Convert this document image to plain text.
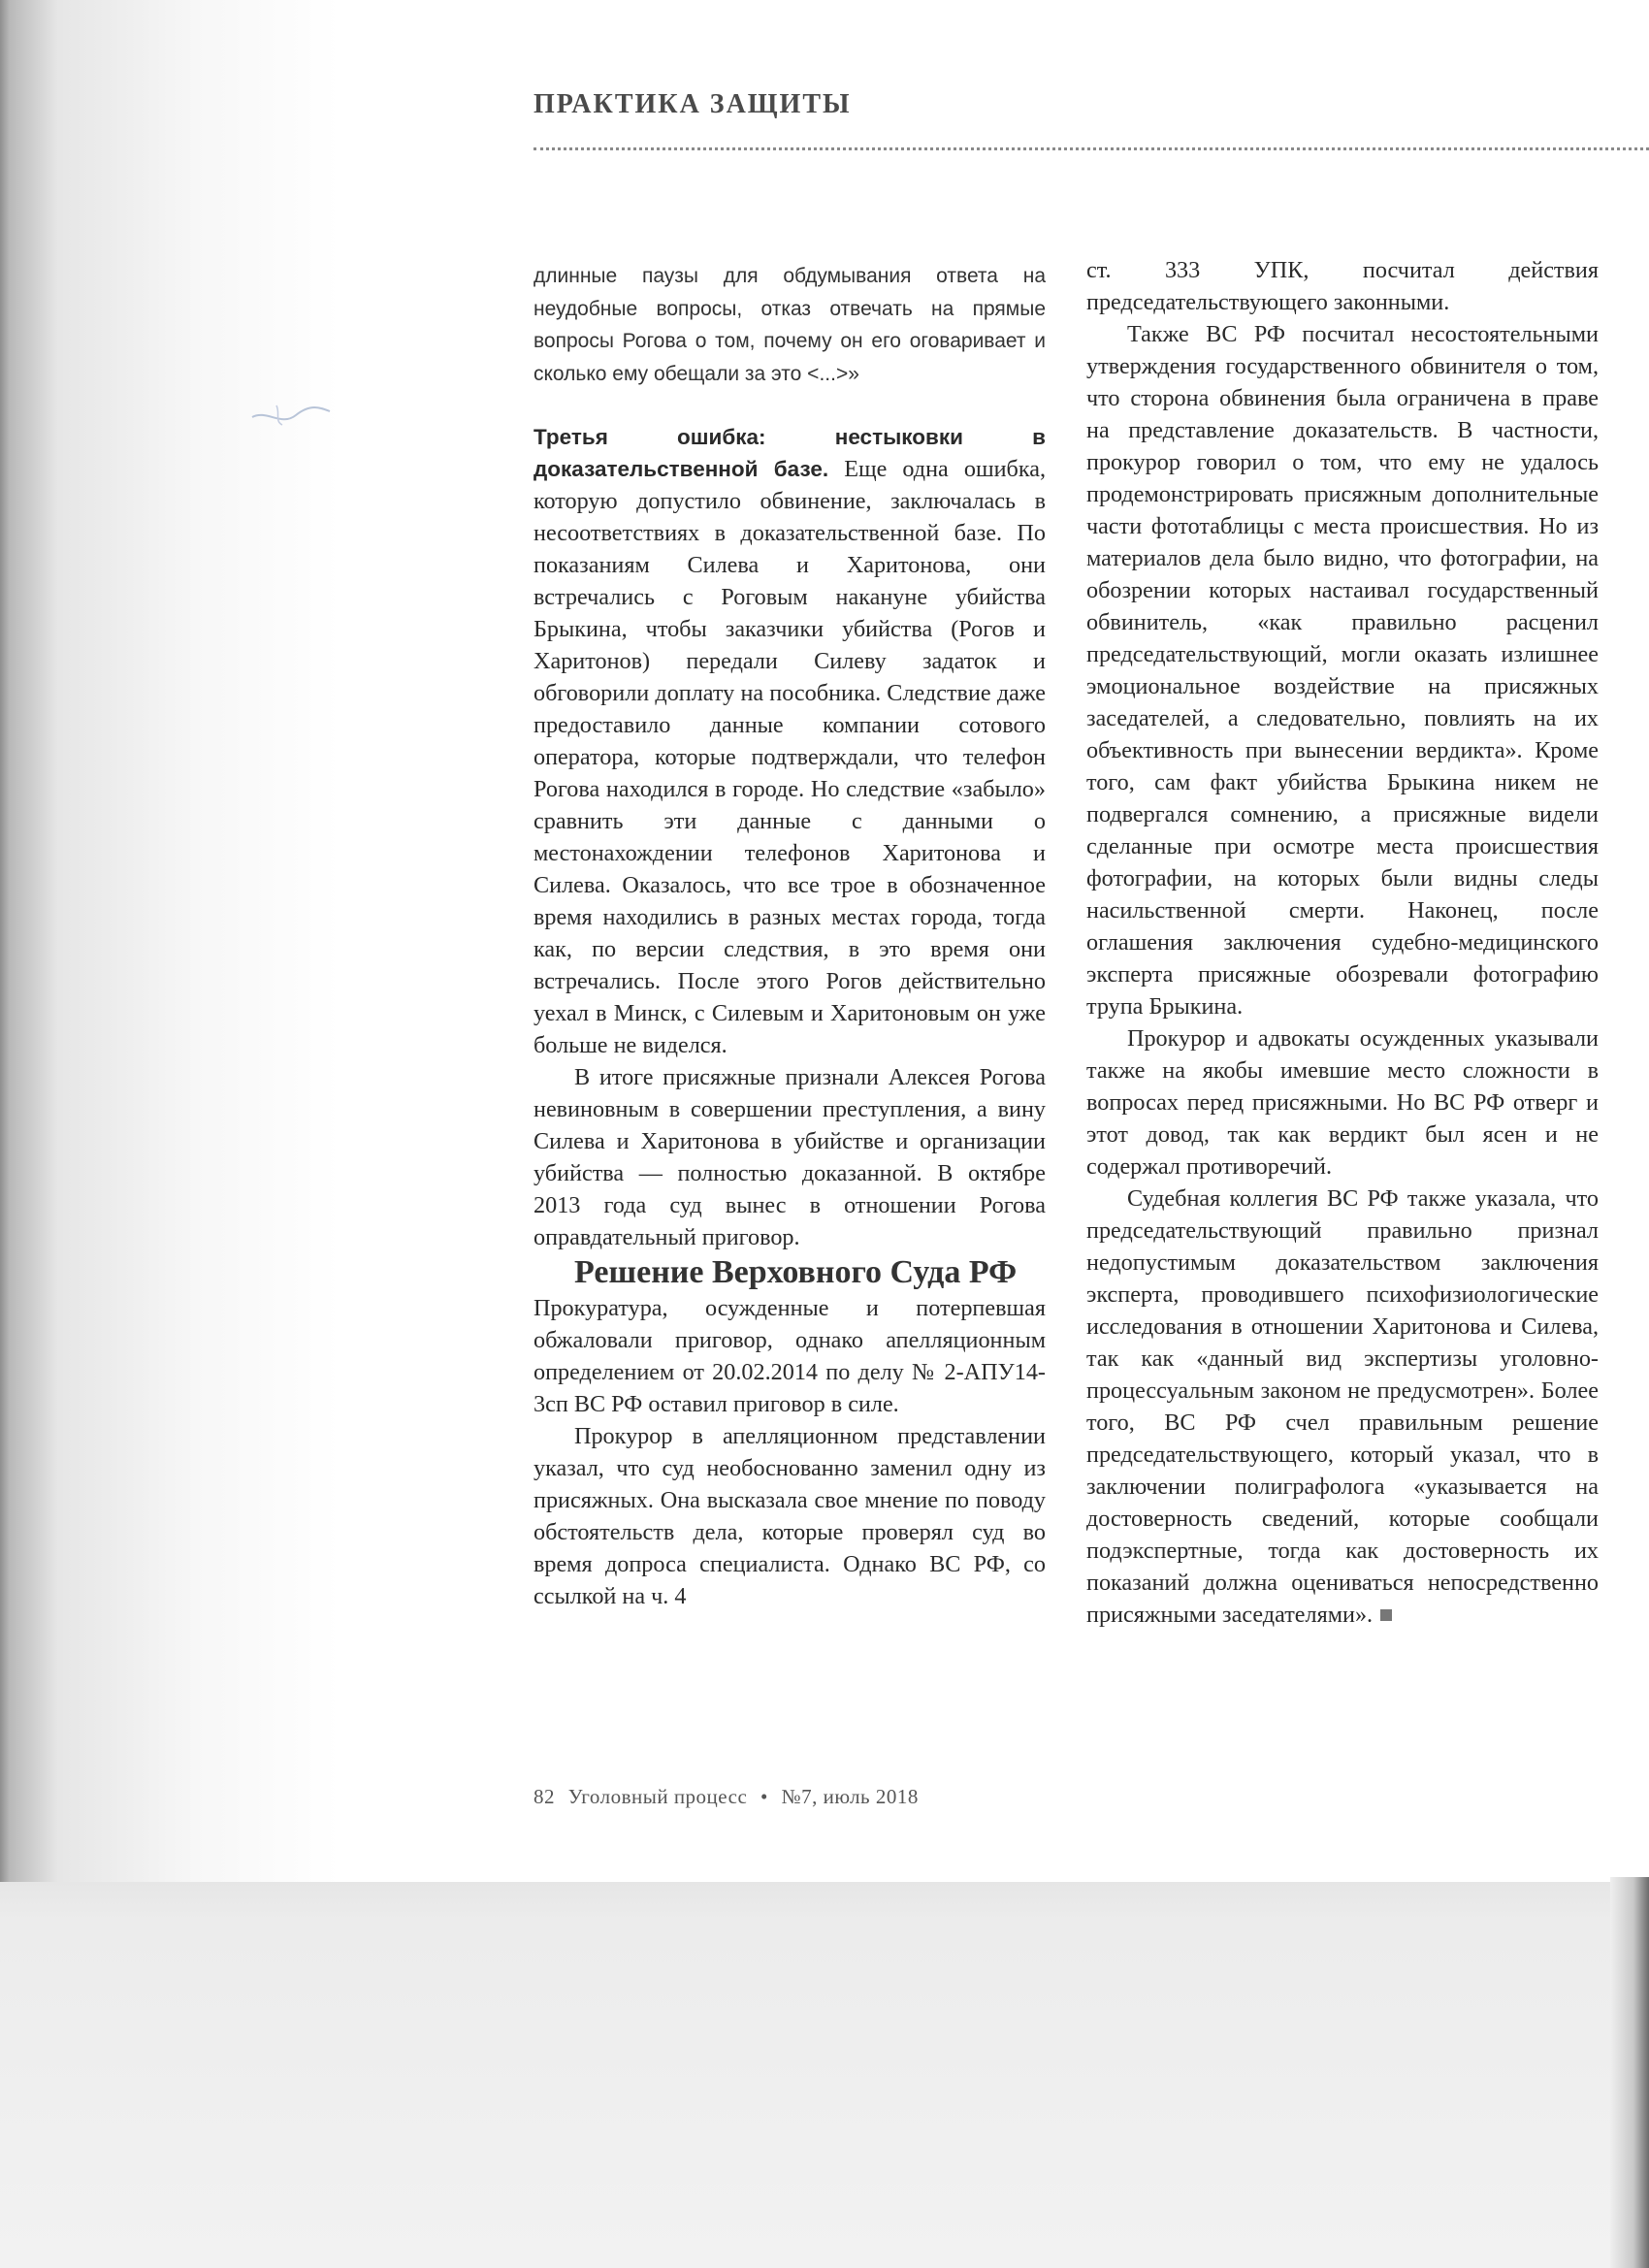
ПРАКТИКА ЗАЩИТЫ

длинные паузы для обдумывания ответа на неудобные вопросы, отказ отвечать на прямые вопросы Рогова о том, почему он его оговаривает и сколько ему обещали за это <...>»

Третья ошибка: нестыковки в доказательственной базе. Еще одна ошибка, которую допустило обвинение, заключалась в несоответствиях в доказательственной базе. По показаниям Силева и Харитонова, они встречались с Роговым накануне убийства Брыкина, чтобы заказчики убийства (Рогов и Харитонов) передали Силеву задаток и обговорили доплату на пособника. Следствие даже предоставило данные компании сотового оператора, которые подтверждали, что телефон Рогова находился в городе. Но следствие «забыло» сравнить эти данные с данными о местонахождении телефонов Харитонова и Силева. Оказалось, что все трое в обозначенное время находились в разных местах города, тогда как, по версии следствия, в это время они встречались. После этого Рогов действительно уехал в Минск, с Силевым и Харитоновым он уже больше не виделся.

В итоге присяжные признали Алексея Рогова невиновным в совершении преступления, а вину Силева и Харитонова в убийстве и организации убийства — полностью доказанной. В октябре 2013 года суд вынес в отношении Рогова оправдательный приговор.

Решение Верховного Суда РФ

Прокуратура, осужденные и потерпевшая обжаловали приговор, однако апелляционным определением от 20.02.2014 по делу № 2-АПУ14-3сп ВС РФ оставил приговор в силе.

Прокурор в апелляционном представлении указал, что суд необоснованно заменил одну из присяжных. Она высказала свое мнение по поводу обстоятельств дела, которые проверял суд во время допроса специалиста. Однако ВС РФ, со ссылкой на ч. 4

ст. 333 УПК, посчитал действия председательствующего законными.

Также ВС РФ посчитал несостоятельными утверждения государственного обвинителя о том, что сторона обвинения была ограничена в праве на представление доказательств. В частности, прокурор говорил о том, что ему не удалось продемонстрировать присяжным дополнительные части фототаблицы с места происшествия. Но из материалов дела было видно, что фотографии, на обозрении которых настаивал государственный обвинитель, «как правильно расценил председательствующий, могли оказать излишнее эмоциональное воздействие на присяжных заседателей, а следовательно, повлиять на их объективность при вынесении вердикта». Кроме того, сам факт убийства Брыкина никем не подвергался сомнению, а присяжные видели сделанные при осмотре места происшествия фотографии, на которых были видны следы насильственной смерти. Наконец, после оглашения заключения судебно-медицинского эксперта присяжные обозревали фотографию трупа Брыкина.

Прокурор и адвокаты осужденных указывали также на якобы имевшие место сложности в вопросах перед присяжными. Но ВС РФ отверг и этот довод, так как вердикт был ясен и не содержал противоречий.

Судебная коллегия ВС РФ также указала, что председательствующий правильно признал недопустимым доказательством заключения эксперта, проводившего психофизиологические исследования в отношении Харитонова и Силева, так как «данный вид экспертизы уголовно-процессуальным законом не предусмотрен». Более того, ВС РФ счел правильным решение председательствующего, который указал, что в заключении полиграфолога «указывается на достоверность сведений, которые сообщали подэкспертные, тогда как достоверность их показаний должна оцениваться непосредственно присяжными заседателями».

82 Уголовный процесс • №7, июль 2018
